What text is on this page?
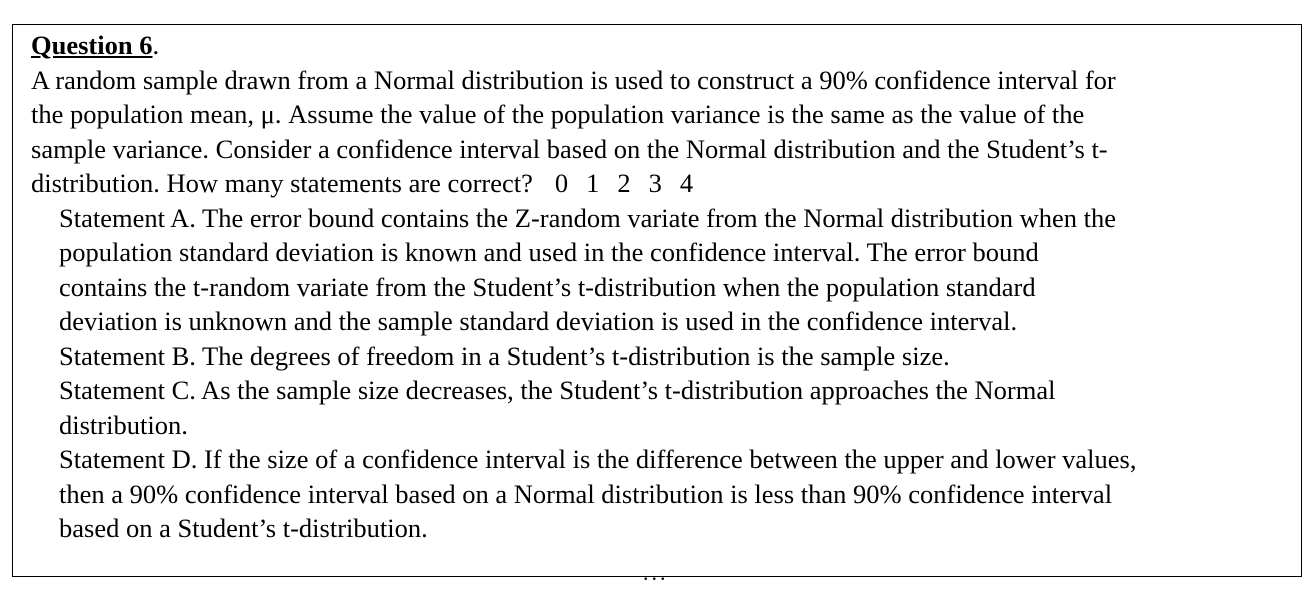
Question 6.
A random sample drawn from a Normal distribution is used to construct a 90% confidence interval for
the population mean, μ. Assume the value of the population variance is the same as the value of the
sample variance. Consider a confidence interval based on the Normal distribution and the Student’s t-
distribution. How many statements are correct? 0 1 2 3 4
Statement A. The error bound contains the Z-random variate from the Normal distribution when the
population standard deviation is known and used in the confidence interval. The error bound
contains the t-random variate from the Student’s t-distribution when the population standard
deviation is unknown and the sample standard deviation is used in the confidence interval.
Statement B. The degrees of freedom in a Student’s t-distribution is the sample size.
Statement C. As the sample size decreases, the Student’s t-distribution approaches the Normal
distribution.
Statement D. If the size of a confidence interval is the difference between the upper and lower values,
then a 90% confidence interval based on a Normal distribution is less than 90% confidence interval
based on a Student’s t-distribution.
...
